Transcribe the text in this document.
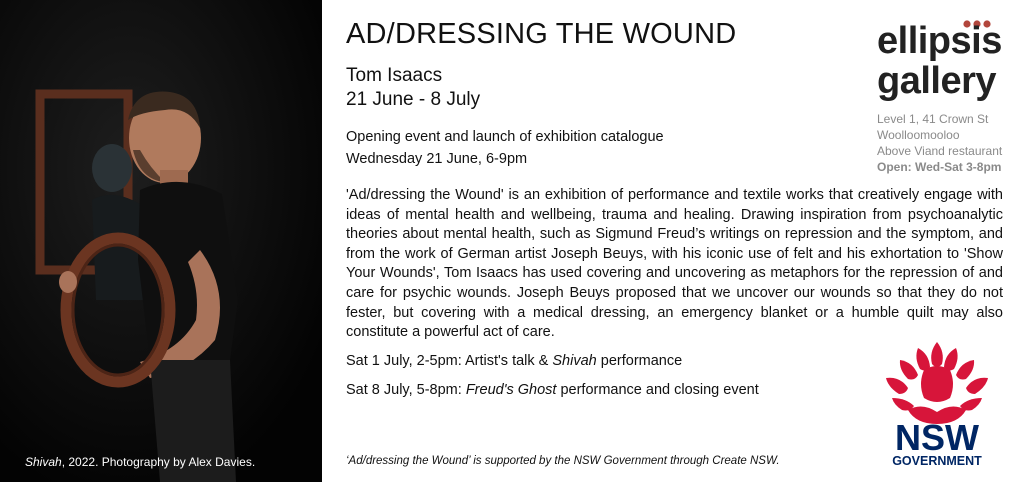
Shivah, 2022. Photography by Alex Davies.
AD/DRESSING THE WOUND
Tom Isaacs
21 June - 8 July
Opening event and launch of exhibition catalogue
Wednesday 21 June, 6-9pm
'Ad/dressing the Wound' is an exhibition of performance and textile works that creatively engage with ideas of mental health and wellbeing, trauma and healing. Drawing inspiration from psychoanalytic theories about mental health, such as Sigmund Freud’s writings on repression and the symptom, and from the work of German artist Joseph Beuys, with his iconic use of felt and his exhortation to 'Show Your Wounds', Tom Isaacs has used covering and uncovering as metaphors for the repression of and care for psychic wounds. Joseph Beuys proposed that we uncover our wounds so that they do not fester, but covering with a medical dressing, an emergency blanket or a humble quilt may also constitute a powerful act of care.
Sat 1 July, 2-5pm: Artist's talk & Shivah performance
Sat 8 July, 5-8pm: Freud's Ghost performance and closing event
‘Ad/dressing the Wound’ is supported by the NSW Government through Create NSW.
ellipsis
gallery
Level 1, 41 Crown St
Woolloomooloo
Above Viand restaurant
Open: Wed-Sat 3-8pm
NSW
GOVERNMENT
